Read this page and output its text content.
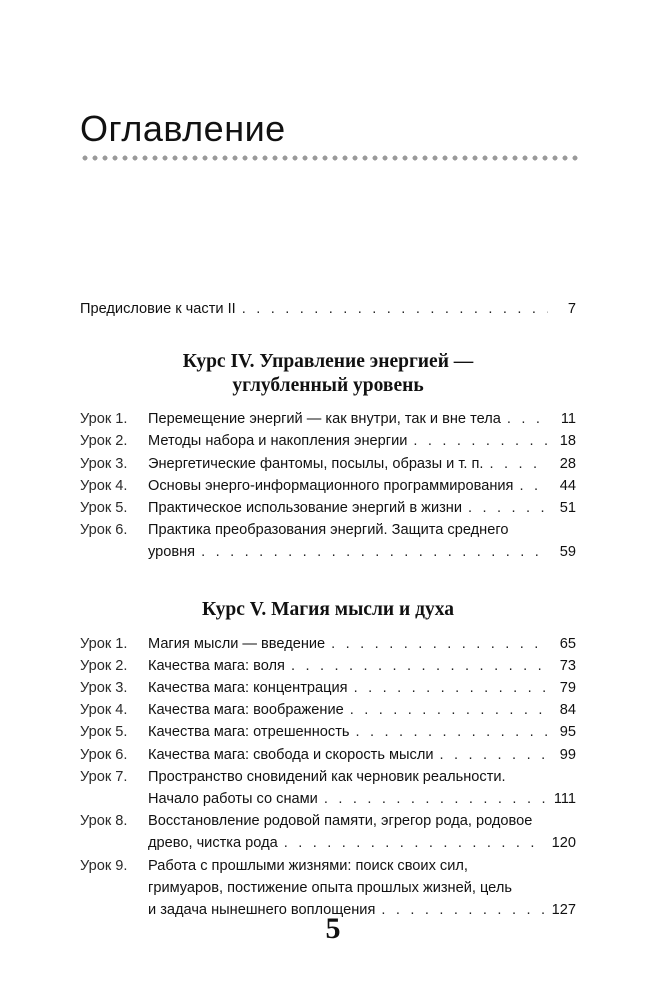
Оглавление
Предисловие к части II . . .	7
Курс IV. Управление энергией —
углубленный уровень
Урок 1.	Перемещение энергий — как внутри, так и вне тела . . .	11
Урок 2.	Методы набора и накопления энергии . . .	18
Урок 3.	Энергетические фантомы, посылы, образы и т. п. . . .	28
Урок 4.	Основы энерго-информационного программирования . . .	44
Урок 5.	Практическое использование энергий в жизни . . .	51
Урок 6.	Практика преобразования энергий. Защита среднего
уровня . . .	59
Курс V. Магия мысли и духа
Урок 1.	Магия мысли — введение . . .	65
Урок 2.	Качества мага: воля . . .	73
Урок 3.	Качества мага: концентрация . . .	79
Урок 4.	Качества мага: воображение . . .	84
Урок 5.	Качества мага: отрешенность . . .	95
Урок 6.	Качества мага: свобода и скорость мысли . . .	99
Урок 7.	Пространство сновидений как черновик реальности.
Начало работы со снами . . .	111
Урок 8.	Восстановление родовой памяти, эгрегор рода, родовое
древо, чистка рода . . .	120
Урок 9.	Работа с прошлыми жизнями: поиск своих сил,
гримуаров, постижение опыта прошлых жизней, цель
и задача нынешнего воплощения . . .	127
5
